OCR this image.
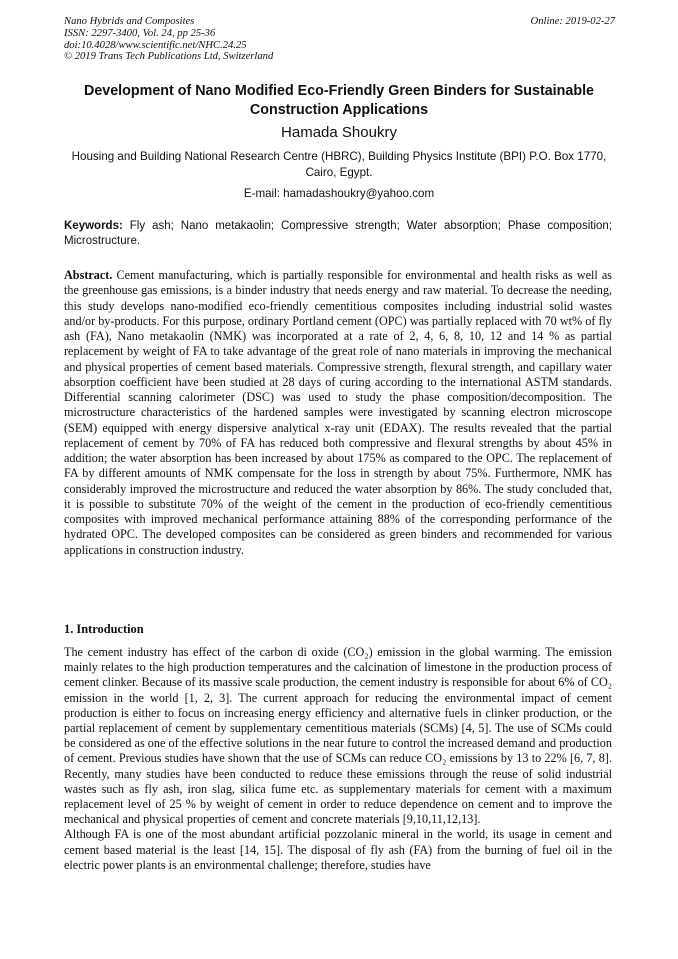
Nano Hybrids and Composites
ISSN: 2297-3400, Vol. 24, pp 25-36
doi:10.4028/www.scientific.net/NHC.24.25
© 2019 Trans Tech Publications Ltd, Switzerland
Online: 2019-02-27
Development of Nano Modified Eco-Friendly Green Binders for Sustainable Construction Applications
Hamada Shoukry
Housing and Building National Research Centre (HBRC), Building Physics Institute (BPI) P.O. Box 1770, Cairo, Egypt.
E-mail: hamadashoukry@yahoo.com
Keywords: Fly ash; Nano metakaolin; Compressive strength; Water absorption; Phase composition; Microstructure.
Abstract. Cement manufacturing, which is partially responsible for environmental and health risks as well as the greenhouse gas emissions, is a binder industry that needs energy and raw material. To decrease the needing, this study develops nano-modified eco-friendly cementitious composites including industrial solid wastes and/or by-products. For this purpose, ordinary Portland cement (OPC) was partially replaced with 70 wt% of fly ash (FA), Nano metakaolin (NMK) was incorporated at a rate of 2, 4, 6, 8, 10, 12 and 14 % as partial replacement by weight of FA to take advantage of the great role of nano materials in improving the mechanical and physical properties of cement based materials. Compressive strength, flexural strength, and capillary water absorption coefficient have been studied at 28 days of curing according to the international ASTM standards. Differential scanning calorimeter (DSC) was used to study the phase composition/decomposition. The microstructure characteristics of the hardened samples were investigated by scanning electron microscope (SEM) equipped with energy dispersive analytical x-ray unit (EDAX). The results revealed that the partial replacement of cement by 70% of FA has reduced both compressive and flexural strengths by about 45% in addition; the water absorption has been increased by about 175% as compared to the OPC. The replacement of FA by different amounts of NMK compensate for the loss in strength by about 75%. Furthermore, NMK has considerably improved the microstructure and reduced the water absorption by 86%. The study concluded that, it is possible to substitute 70% of the weight of the cement in the production of eco-friendly cementitious composites with improved mechanical performance attaining 88% of the corresponding performance of the hydrated OPC. The developed composites can be considered as green binders and recommended for various applications in construction industry.
1. Introduction

The cement industry has effect of the carbon di oxide (CO₂) emission in the global warming. The emission mainly relates to the high production temperatures and the calcination of limestone in the production process of cement clinker. Because of its massive scale production, the cement industry is responsible for about 6% of CO₂ emission in the world [1, 2, 3]. The current approach for reducing the environmental impact of cement production is either to focus on increasing energy efficiency and alternative fuels in clinker production, or the partial replacement of cement by supplementary cementitious materials (SCMs) [4, 5]. The use of SCMs could be considered as one of the effective solutions in the near future to control the increased demand and production of cement. Previous studies have shown that the use of SCMs can reduce CO₂ emissions by 13 to 22% [6, 7, 8]. Recently, many studies have been conducted to reduce these emissions through the reuse of solid industrial wastes such as fly ash, iron slag, silica fume etc. as supplementary materials for cement with a maximum replacement level of 25 % by weight of cement in order to reduce dependence on cement and to improve the mechanical and physical properties of cement and concrete materials [9,10,11,12,13].

Although FA is one of the most abundant artificial pozzolanic mineral in the world, its usage in cement and cement based material is the least [14, 15]. The disposal of fly ash (FA) from the burning of fuel oil in the electric power plants is an environmental challenge; therefore, studies have
